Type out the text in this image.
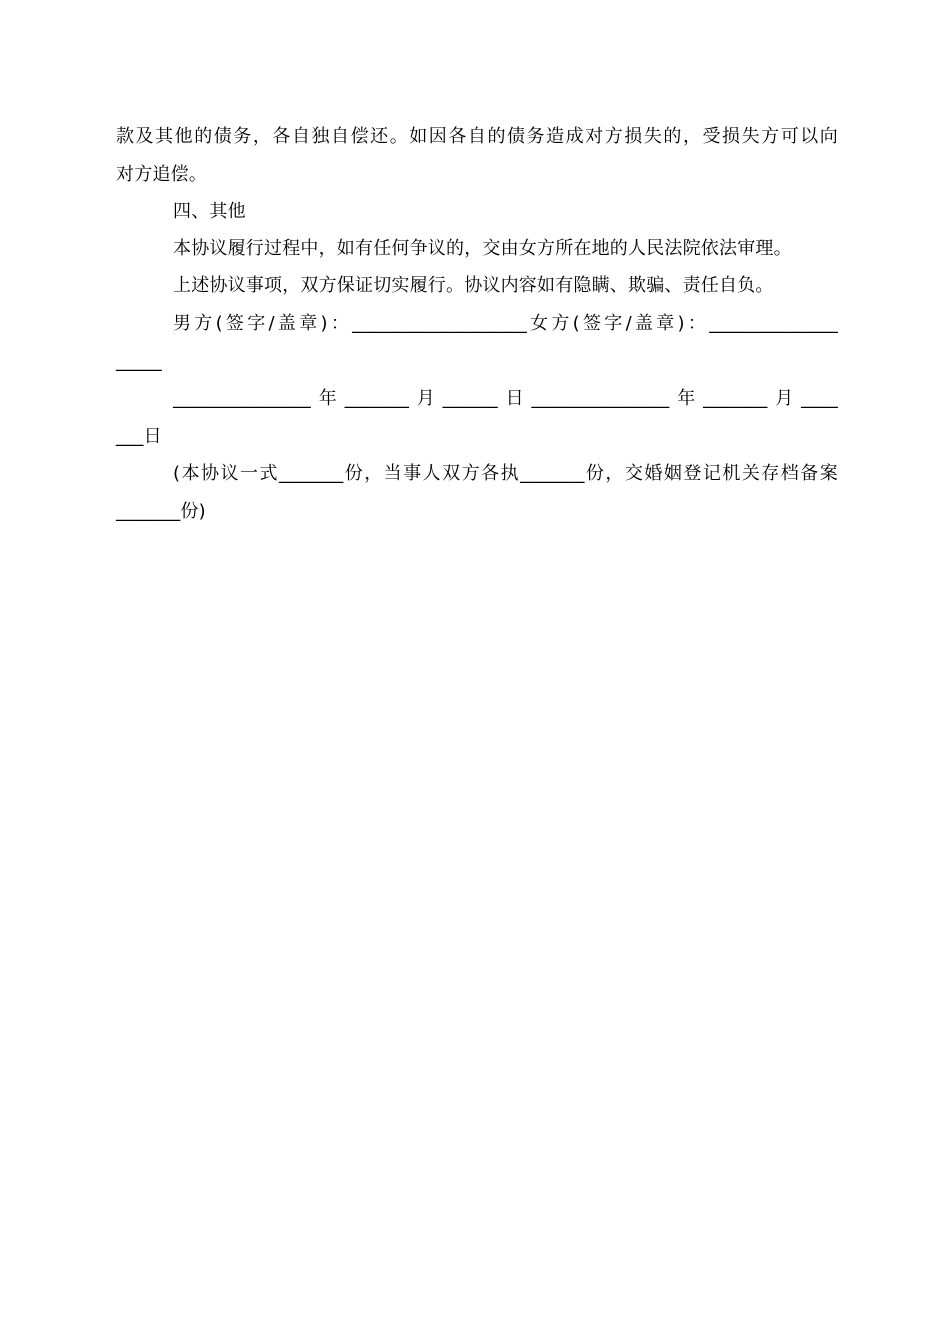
款及其他的债务，各自独自偿还。如因各自的债务造成对方损失的，受损失方可以向
对方追偿。
四、其他
本协议履行过程中，如有任何争议的，交由女方所在地的人民法院依法审理。
上述协议事项，双方保证切实履行。协议内容如有隐瞒、欺骗、责任自负。
男方(签字/盖章)：___________________女方(签字/盖章)：______________
_____
_______________年_______月______日_______________年_______月____
___日
(本协议一式_______份，当事人双方各执_______份，交婚姻登记机关存档备案
_______份)
